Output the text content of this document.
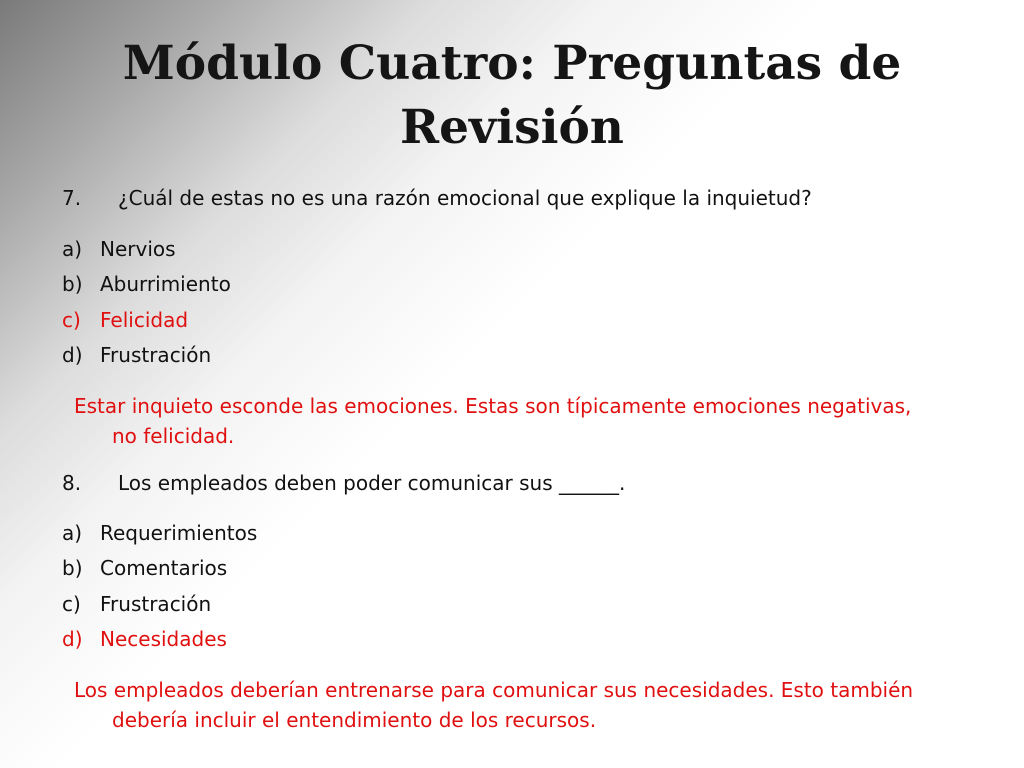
Módulo Cuatro: Preguntas de
Revisión
7. ¿Cuál de estas no es una razón emocional que explique la inquietud?
a) Nervios
b) Aburrimiento
c) Felicidad
d) Frustración
Estar inquieto esconde las emociones. Estas son típicamente emociones negativas,
no felicidad.
8. Los empleados deben poder comunicar sus ______.
a) Requerimientos
b) Comentarios
c) Frustración
d) Necesidades
Los empleados deberían entrenarse para comunicar sus necesidades. Esto también
debería incluir el entendimiento de los recursos.
